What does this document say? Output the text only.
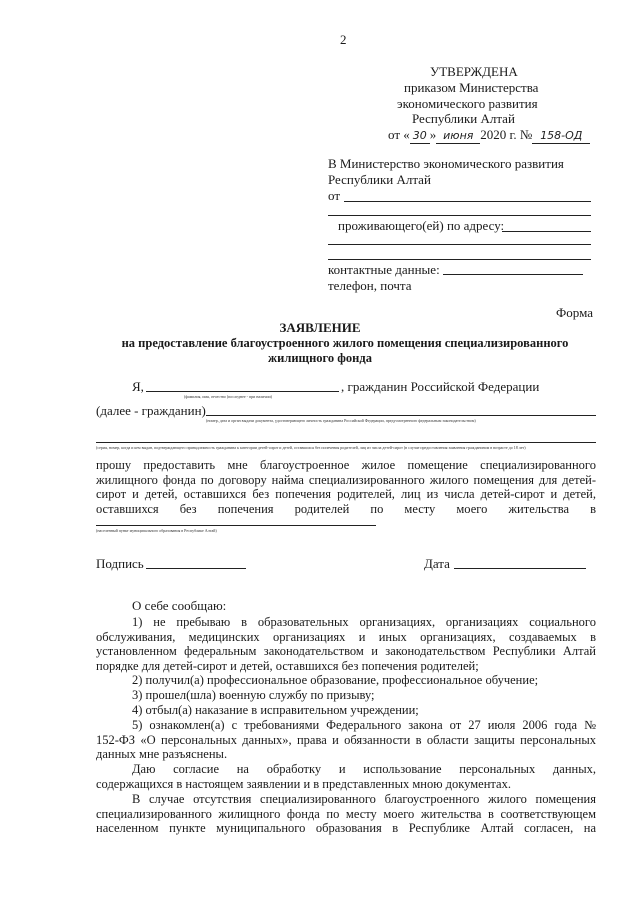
2
УТВЕРЖДЕНА
приказом Министерства
экономического развития
Республики Алтай
от « 30 » июня 2020 г. № 158-ОД
В Министерство экономического развития
Республики Алтай
от
проживающего(ей) по адресу:
контактные данные:
телефон, почта
Форма
ЗАЯВЛЕНИЕ
на предоставление благоустроенного жилого помещения специализированного
жилищного фонда
Я,	, гражданин Российской Федерации
(фамилия, имя, отчество (последнее - при наличии)
(далее - гражданин)
(номер, дата и орган выдачи документа, удостоверяющего личность гражданина Российской Федерации, предусмотренного федеральным законодательством)
(серия, номер, когда и кем выдан, подтверждающего принадлежность гражданина к категории детей-сирот и детей, оставшихся без попечения родителей, лиц из числа детей-сирот (в случае предоставления заявления гражданином в возрасте до 18 лет)
прошу предоставить мне благоустроенное жилое помещение специализированного
жилищного фонда по договору найма специализированного жилого помещения для детей-
сирот и детей, оставшихся без попечения родителей, лиц из числа детей-сирот и детей,
оставшихся без попечения родителей по месту моего жительства в
(населенный пункт муниципального образования в Республике Алтай)
Подпись	Дата
О себе сообщаю:
1) не пребываю в образовательных организациях, организациях социального
обслуживания, медицинских организациях и иных организациях, создаваемых в
установленном федеральным законодательством и законодательством Республики Алтай
порядке для детей-сирот и детей, оставшихся без попечения родителей;
2) получил(а) профессиональное образование, профессиональное обучение;
3) прошел(шла) военную службу по призыву;
4) отбыл(а) наказание в исправительном учреждении;
5) ознакомлен(а) с требованиями Федерального закона от 27 июля 2006 года №
152-ФЗ «О персональных данных», права и обязанности в области защиты персональных
данных мне разъяснены.
Даю согласие на обработку и использование персональных данных,
содержащихся в настоящем заявлении и в представленных мною документах.
В случае отсутствия специализированного благоустроенного жилого помещения
специализированного жилищного фонда по месту моего жительства в соответствующем
населенном пункте муниципального образования в Республике Алтай согласен, на
